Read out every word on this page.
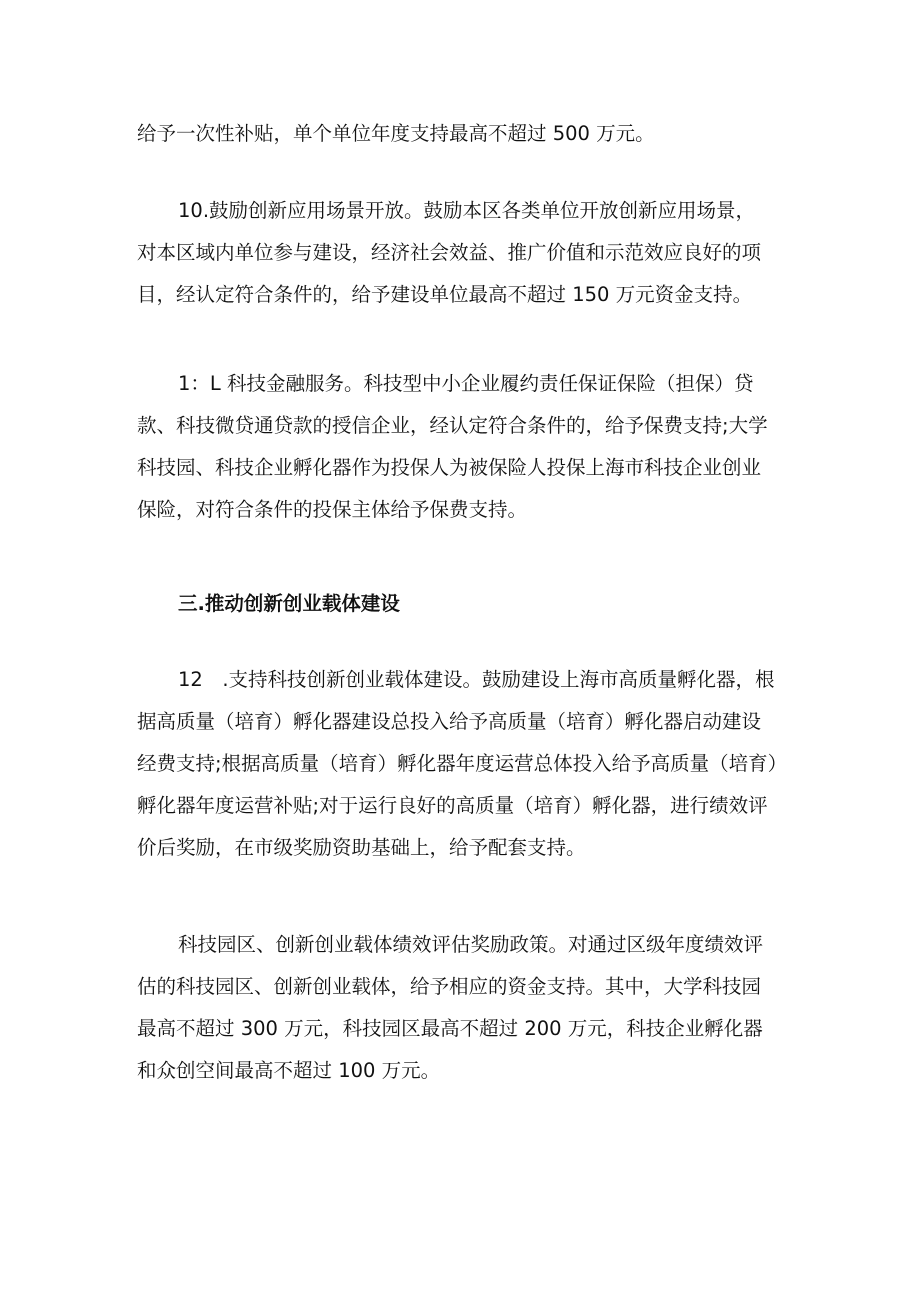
给予一次性补贴，单个单位年度支持最高不超过 500 万元。
10.鼓励创新应用场景开放。鼓励本区各类单位开放创新应用场景，
对本区域内单位参与建设，经济社会效益、推广价值和示范效应良好的项
目，经认定符合条件的，给予建设单位最高不超过 150 万元资金支持。
1：L 科技金融服务。科技型中小企业履约责任保证保险（担保）贷
款、科技微贷通贷款的授信企业，经认定符合条件的，给予保费支持;大学
科技园、科技企业孵化器作为投保人为被保险人投保上海市科技企业创业
保险，对符合条件的投保主体给予保费支持。
三.推动创新创业载体建设
12　.支持科技创新创业载体建设。鼓励建设上海市高质量孵化器，根
据高质量（培育）孵化器建设总投入给予高质量（培育）孵化器启动建设
经费支持;根据高质量（培育）孵化器年度运营总体投入给予高质量（培育）
孵化器年度运营补贴;对于运行良好的高质量（培育）孵化器，进行绩效评
价后奖励，在市级奖励资助基础上，给予配套支持。
科技园区、创新创业载体绩效评估奖励政策。对通过区级年度绩效评
估的科技园区、创新创业载体，给予相应的资金支持。其中，大学科技园
最高不超过 300 万元，科技园区最高不超过 200 万元，科技企业孵化器
和众创空间最高不超过 100 万元。
